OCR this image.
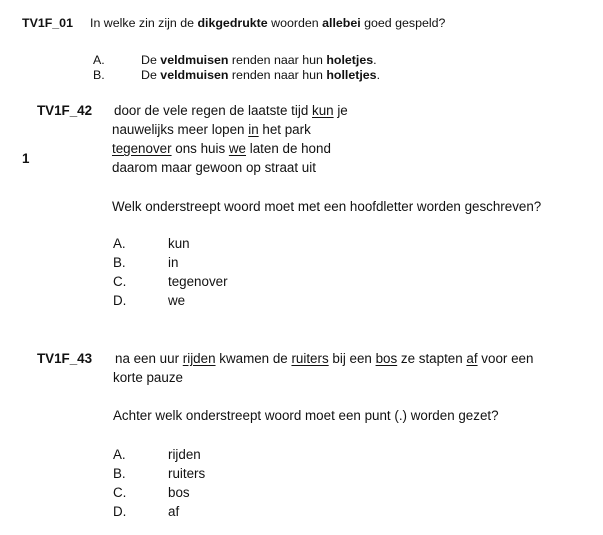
TV1F_01 In welke zin zijn de dikgedrukte woorden allebei goed gespeld?
A.	De veldmuisen renden naar hun holetjes.
B.	De veldmuisen renden naar hun holletjes.
1
TV1F_42 door de vele regen de laatste tijd kun je
nauwelijks meer lopen in het park
tegenover ons huis we laten de hond
daarom maar gewoon op straat uit
Welk onderstreept woord moet met een hoofdletter worden geschreven?
A.	kun
B.	in
C.	tegenover
D.	we
TV1F_43 na een uur rijden kwamen de ruiters bij een bos ze stapten af voor een
korte pauze
Achter welk onderstreept woord moet een punt (.) worden gezet?
A.	rijden
B.	ruiters
C.	bos
D.	af
